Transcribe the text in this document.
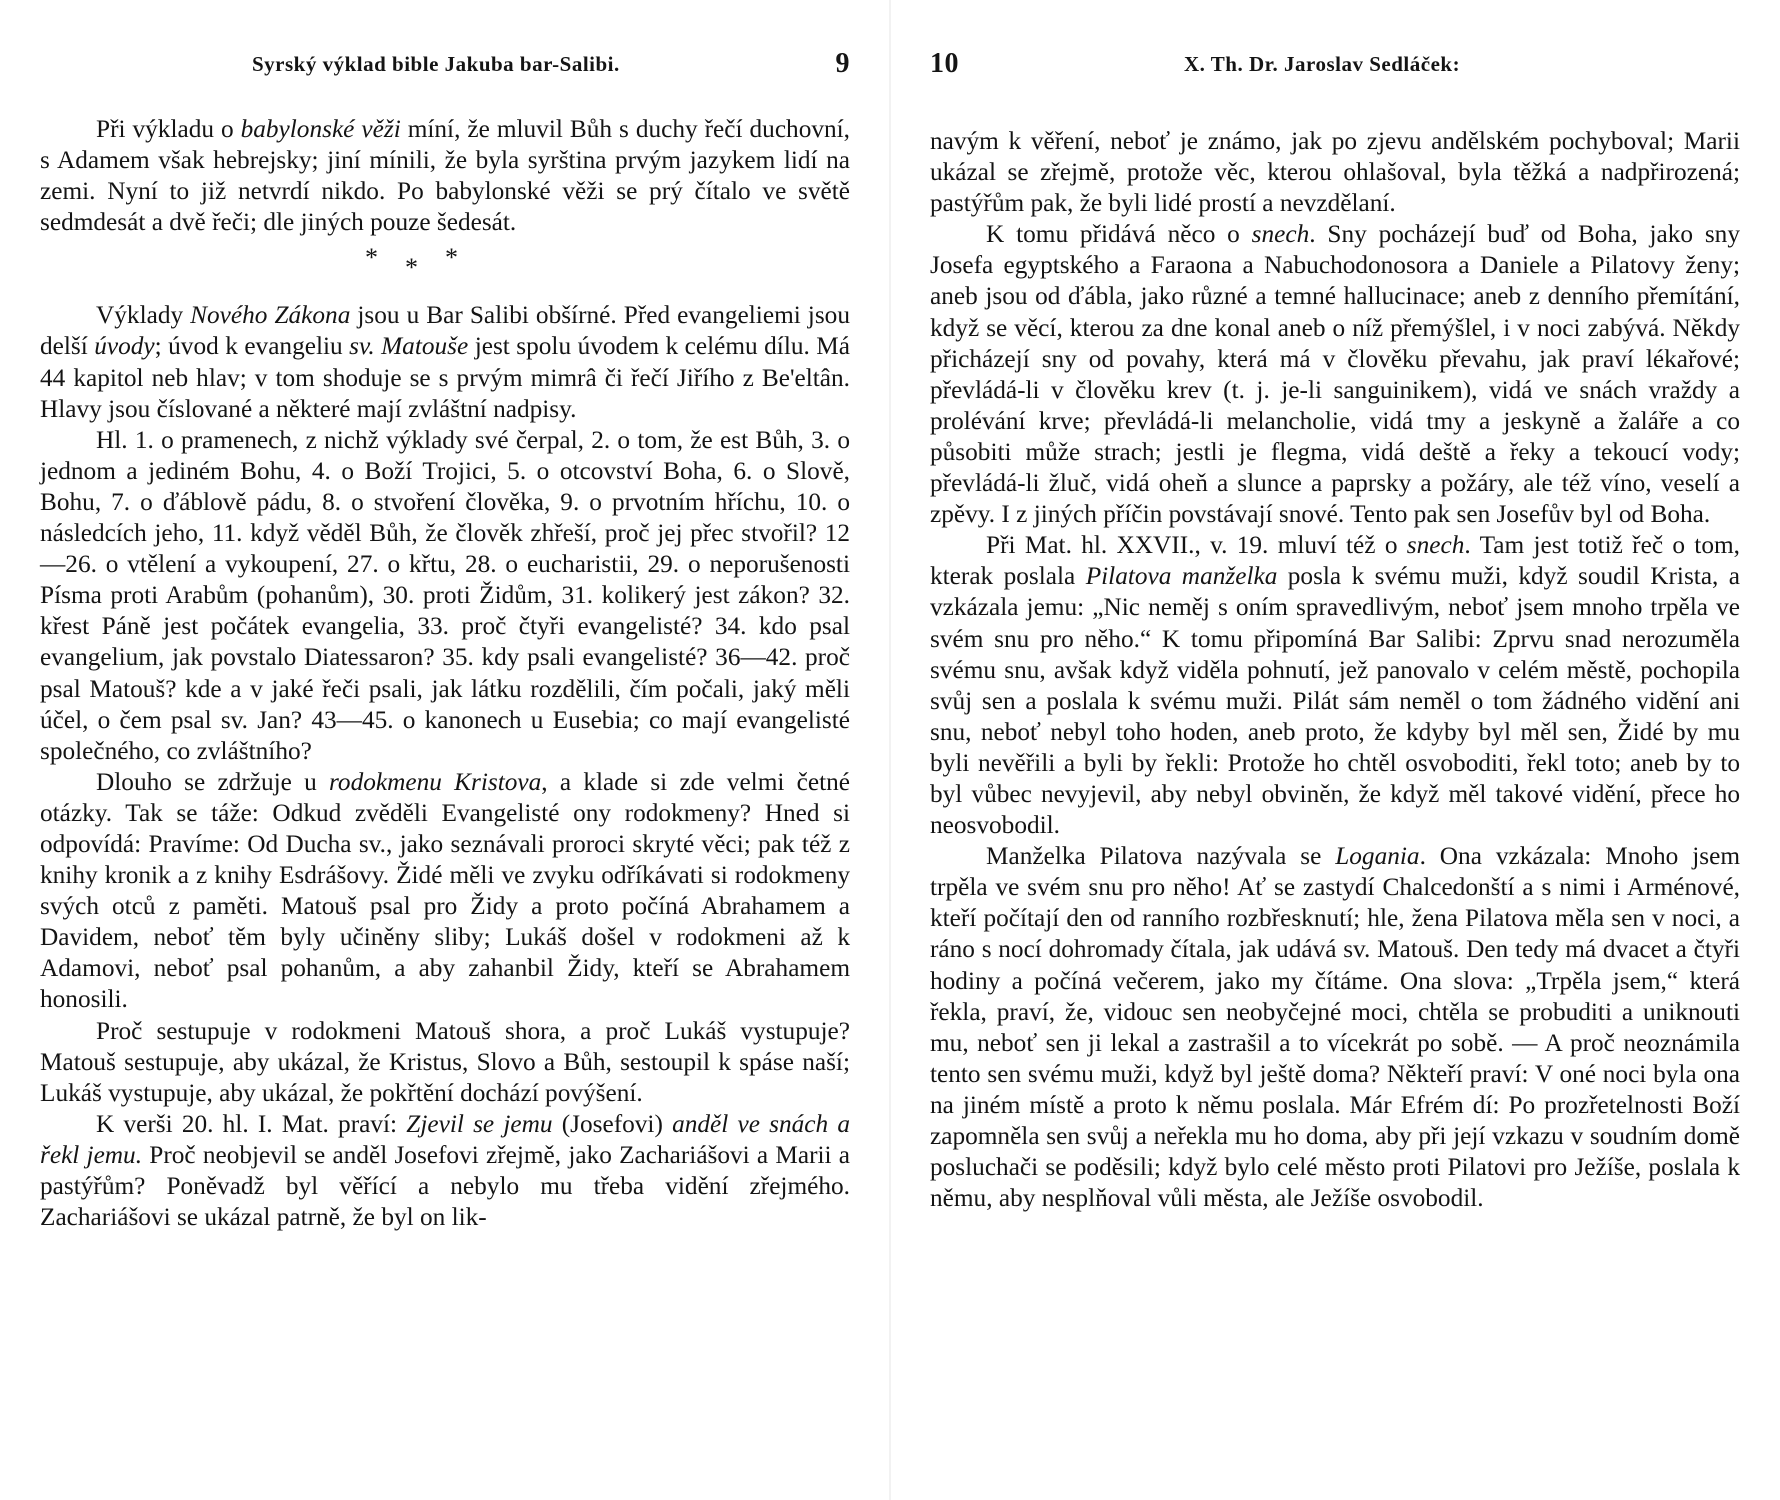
Syrský výklad bible Jakuba bar-Salibi.	9

Při výkladu o babylonské věži míní, že mluvil Bůh s duchy řečí duchovní, s Adamem však hebrejsky; jiní mínili, že byla syrština prvým jazykem lidí na zemi. Nyní to již netvrdí nikdo. Po babylonské věži se prý čítalo ve světě sedmdesát a dvě řeči; dle jiných pouze šedesát.

* * *

Výklady Nového Zákona jsou u Bar Salibi obšírné. Před evangeliemi jsou delší úvody; úvod k evangeliu sv. Matouše jest spolu úvodem k celému dílu. Má 44 kapitol neb hlav; v tom shoduje se s prvým mimrâ či řečí Jiřího z Be'eltân. Hlavy jsou číslované a některé mají zvláštní nadpisy.

Hl. 1. o pramenech, z nichž výklady své čerpal, 2. o tom, že est Bůh, 3. o jednom a jediném Bohu, 4. o Boží Trojici, 5. o otcovství Boha, 6. o Slově, Bohu, 7. o ďáblově pádu, 8. o stvoření člověka, 9. o prvotním hříchu, 10. o následcích jeho, 11. když věděl Bůh, že člověk zhřeší, proč jej přec stvořil? 12—26. o vtělení a vykoupení, 27. o křtu, 28. o eucharistii, 29. o neporušenosti Písma proti Arabům (pohanům), 30. proti Židům, 31. kolikerý jest zákon? 32. křest Páně jest počátek evangelia, 33. proč čtyři evangelisté? 34. kdo psal evangelium, jak povstalo Diatessaron? 35. kdy psali evangelisté? 36—42. proč psal Matouš? kde a v jaké řeči psali, jak látku rozdělili, čím počali, jaký měli účel, o čem psal sv. Jan? 43—45. o kanonech u Eusebia; co mají evangelisté společného, co zvláštního?

Dlouho se zdržuje u rodokmenu Kristova, a klade si zde velmi četné otázky. Tak se táže: Odkud zvěděli Evangelisté ony rodokmeny? Hned si odpovídá: Pravíme: Od Ducha sv., jako seznávali proroci skryté věci; pak též z knihy kronik a z knihy Esdrášovy. Židé měli ve zvyku odříkávati si rodokmeny svých otců z paměti. Matouš psal pro Židy a proto počíná Abrahamem a Davidem, neboť těm byly učiněny sliby; Lukáš došel v rodokmeni až k Adamovi, neboť psal pohanům, a aby zahanbil Židy, kteří se Abrahamem honosili.

Proč sestupuje v rodokmeni Matouš shora, a proč Lukáš vystupuje? Matouš sestupuje, aby ukázal, že Kristus, Slovo a Bůh, sestoupil k spáse naší; Lukáš vystupuje, aby ukázal, že pokřtění dochází povýšení.

K verši 20. hl. I. Mat. praví: Zjevil se jemu (Josefovi) anděl ve snách a řekl jemu. Proč neobjevil se anděl Josefovi zřejmě, jako Zachariášovi a Marii a pastýřům? Poněvadž byl věřící a nebylo mu třeba vidění zřejmého. Zachariášovi se ukázal patrně, že byl on lik-

10	X. Th. Dr. Jaroslav Sedláček:

navým k věření, neboť je známo, jak po zjevu andělském pochyboval; Marii ukázal se zřejmě, protože věc, kterou ohlašoval, byla těžká a nadpřirozená; pastýřům pak, že byli lidé prostí a nevzdělaní.

K tomu přidává něco o snech. Sny pocházejí buď od Boha, jako sny Josefa egyptského a Faraona a Nabuchodonosora a Daniele a Pilatovy ženy; aneb jsou od ďábla, jako různé a temné hallucinace; aneb z denního přemítání, když se věcí, kterou za dne konal aneb o níž přemýšlel, i v noci zabývá. Někdy přicházejí sny od povahy, která má v člověku převahu, jak praví lékařové; převládá-li v člověku krev (t. j. je-li sanguinikem), vidá ve snách vraždy a prolévání krve; převládá-li melancholie, vidá tmy a jeskyně a žaláře a co působiti může strach; jestli je flegma, vidá deště a řeky a tekoucí vody; převládá-li žluč, vidá oheň a slunce a paprsky a požáry, ale též víno, veselí a zpěvy. I z jiných příčin povstávají snové. Tento pak sen Josefův byl od Boha.

Při Mat. hl. XXVII., v. 19. mluví též o snech. Tam jest totiž řeč o tom, kterak poslala Pilatova manželka posla k svému muži, když soudil Krista, a vzkázala jemu: „Nic neměj s oním spravedlivým, neboť jsem mnoho trpěla ve svém snu pro něho.“ K tomu připomíná Bar Salibi: Zprvu snad nerozuměla svému snu, avšak když viděla pohnutí, jež panovalo v celém městě, pochopila svůj sen a poslala k svému muži. Pilát sám neměl o tom žádného vidění ani snu, neboť nebyl toho hoden, aneb proto, že kdyby byl měl sen, Židé by mu byli nevěřili a byli by řekli: Protože ho chtěl osvoboditi, řekl toto; aneb by to byl vůbec nevyjevil, aby nebyl obviněn, že když měl takové vidění, přece ho neosvobodil.

Manželka Pilatova nazývala se Logania. Ona vzkázala: Mnoho jsem trpěla ve svém snu pro něho! Ať se zastydí Chalcedonští a s nimi i Arménové, kteří počítají den od ranního rozbřesknutí; hle, žena Pilatova měla sen v noci, a ráno s nocí dohromady čítala, jak udává sv. Matouš. Den tedy má dvacet a čtyři hodiny a počíná večerem, jako my čítáme. Ona slova: „Trpěla jsem,“ která řekla, praví, že, vidouc sen neobyčejné moci, chtěla se probuditi a uniknouti mu, neboť sen ji lekal a zastrašil a to vícekrát po sobě. — A proč neoznámila tento sen svému muži, když byl ještě doma? Někteří praví: V oné noci byla ona na jiném místě a proto k němu poslala. Már Efrém dí: Po prozřetelnosti Boží zapomněla sen svůj a neřekla mu ho doma, aby při její vzkazu v soudním domě posluchači se poděsili; když bylo celé město proti Pilatovi pro Ježíše, poslala k němu, aby nesplňoval vůli města, ale Ježíše osvobodil.
